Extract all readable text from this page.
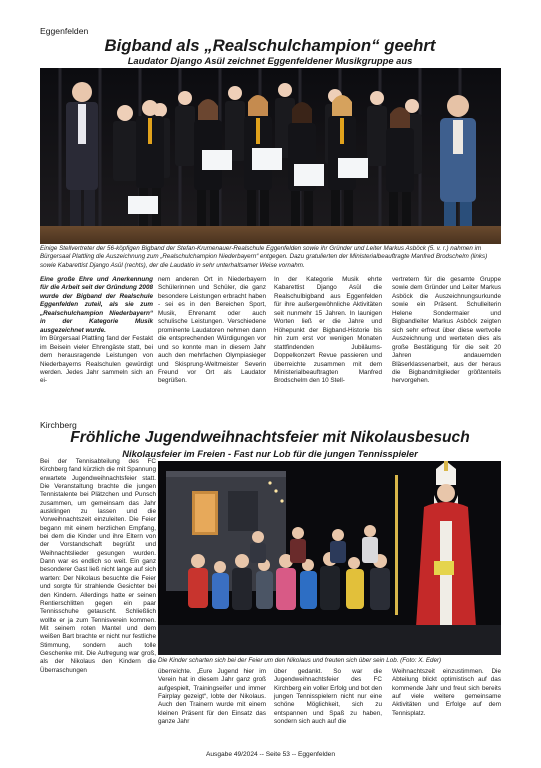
Eggenfelden
Bigband als „Realschulchampion“ geehrt
Laudator Django Asül zeichnet Eggenfeldener Musikgruppe aus
Einige Stellvertreter der 56-köpfigen Bigband der Stefan-Krumenauer-Realschule Eggenfelden sowie ihr Gründer und Leiter Markus Asböck (5. v. r.) nahmen im Bürgersaal Plattling die Auszeichnung zum „Realschulchampion Niederbayern“ entgegen. Dazu gratulierten der Ministerialbeauftragte Manfred Brodschelm (links) sowie Kabarettist Django Asül (rechts), der die Laudatio in sehr unterhaltsamer Weise vornahm.

Eine große Ehre und Anerkennung für die Arbeit seit der Gründung 2008 wurde der Bigband der Realschule Eggenfelden zuteil, als sie zum „Realschulchampion Niederbayern“ in der Kategorie Musik ausgezeichnet wurde.

Im Bürgersaal Plattling fand der Festakt im Beisein vieler Ehrengäste statt, bei dem herausragende Leistungen von Niederbayerns Realschulen gewürdigt werden. Jedes Jahr sammeln sich an ei-

nem anderen Ort in Niederbayern Schülerinnen und Schüler, die ganz besondere Leistungen erbracht haben - sei es in den Bereichen Sport, Musik, Ehrenamt oder auch schulische Leistungen. Verschiedene prominente Laudatoren nehmen dann die entsprechenden Würdigungen vor und so konnte man in diesem Jahr auch den mehrfachen Olympiasieger und Skisprung-Weltmeister Severin Freund vor Ort als Laudator begrüßen.

In der Kategorie Musik ehrte Kabarettist Django Asül die Realschulbigband aus Eggenfelden für ihre außergewöhnliche Aktivitäten seit nunmehr 15 Jahren. In launigen Worten ließ er die Jahre und Höhepunkt der Bigband-Historie bis hin zum erst vor wenigen Monaten stattfindenden Jubiläums-Doppelkonzert Revue passieren und überreichte zusammen mit dem Ministerialbeauftragten Manfred Brodschelm den 10 Stell-

vertretern für die gesamte Gruppe sowie dem Gründer und Leiter Markus Asböck die Auszeichnungsurkunde sowie ein Präsent. Schulleiterin Helene Sondermaier und Bigbandleiter Markus Asböck zeigten sich sehr erfreut über diese wertvolle Auszeichnung und werteten dies als große Bestätigung für die seit 20 Jahren andauernden Bläserklassenarbeit, aus der heraus die Bigbandmitglieder größtenteils hervorgehen.

Kirchberg
Fröhliche Jugendweihnachtsfeier mit Nikolausbesuch
Nikolausfeier im Freien - Fast nur Lob für die jungen Tennisspieler

Bei der Tennisabteilung des FC Kirchberg fand kürzlich die mit Spannung erwartete Jugendweihnachtsfeier statt. Die Veranstaltung brachte die jungen Tennistalente bei Plätzchen und Punsch zusammen, um gemeinsam das Jahr ausklingen zu lassen und die Vorweihnachtszeit einzuleiten. Die Feier begann mit einem herzlichen Empfang, bei dem die Kinder und ihre Eltern von der Vorstandschaft begrüßt und Weihnachtslieder gesungen wurden. Dann war es endlich so weit. Ein ganz besonderer Gast ließ nicht lange auf sich warten: Der Nikolaus besuchte die Feier und sorgte für strahlende Gesichter bei den Kindern. Allerdings hatte er seinen Rentierschlitten gegen ein paar Tennisschuhe getauscht. Schließlich wollte er ja zum Tennisverein kommen. Mit seinem roten Mantel und dem weißen Bart brachte er nicht nur festliche Stimmung, sondern auch tolle Geschenke mit. Die Aufregung war groß, als der Nikolaus den Kindern die Überraschungen

Die Kinder scharten sich bei der Feier um den Nikolaus und freuten sich über sein Lob. (Foto: X. Eder)

überreichte. „Eure Jugend hier im Verein hat in diesem Jahr ganz groß aufgespielt, Trainingseifer und immer Fairplay gezeigt“, lobte der Nikolaus. Auch den Trainern wurde mit einem kleinen Präsent für den Einsatz das ganze Jahr

über gedankt. So war die Jugendweihnachtsfeier des FC Kirchberg ein voller Erfolg und bot den jungen Tennisspielern nicht nur eine schöne Möglichkeit, sich zu entspannen und Spaß zu haben, sondern sich auch auf die

Weihnachtszeit einzustimmen. Die Abteilung blickt optimistisch auf das kommende Jahr und freut sich bereits auf viele weitere gemeinsame Aktivitäten und Erfolge auf dem Tennisplatz.

Ausgabe 49/2024 -- Seite 53 -- Eggenfelden
